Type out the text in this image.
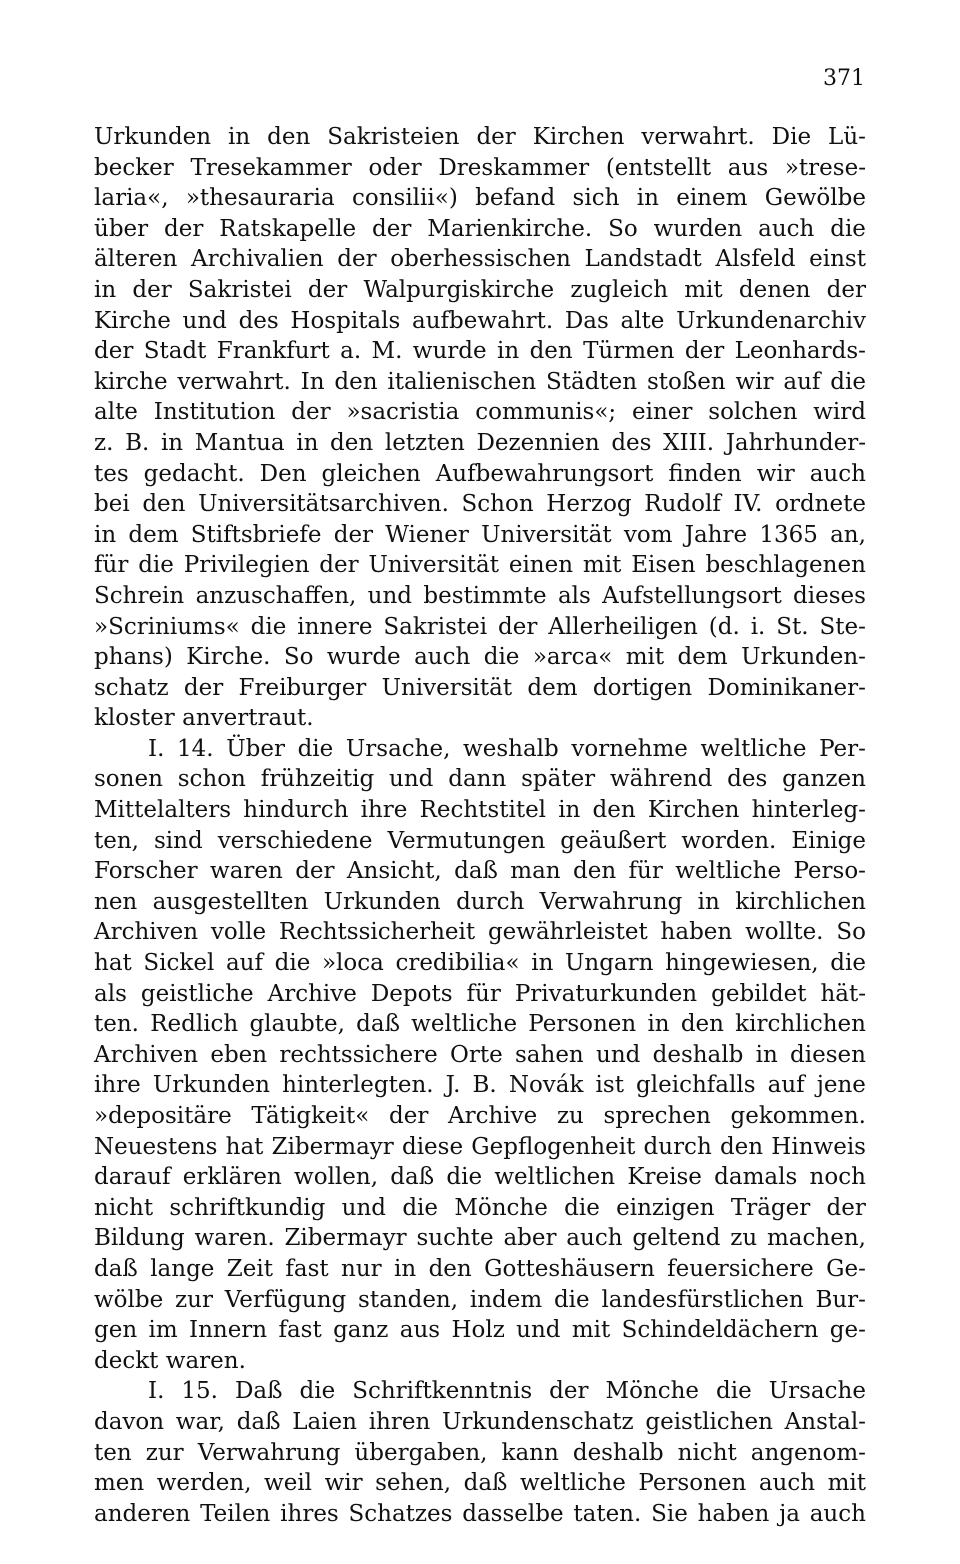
371
Urkunden in den Sakristeien der Kirchen verwahrt. Die Lü-
becker Tresekammer oder Dreskammer (entstellt aus »trese-
laria«, »thesauraria consilii«) befand sich in einem Gewölbe
über der Ratskapelle der Marienkirche. So wurden auch die
älteren Archivalien der oberhessischen Landstadt Alsfeld einst
in der Sakristei der Walpurgiskirche zugleich mit denen der
Kirche und des Hospitals aufbewahrt. Das alte Urkundenarchiv
der Stadt Frankfurt a. M. wurde in den Türmen der Leonhards-
kirche verwahrt. In den italienischen Städten stoßen wir auf die
alte Institution der »sacristia communis«; einer solchen wird
z. B. in Mantua in den letzten Dezennien des XIII. Jahrhunder-
tes gedacht. Den gleichen Aufbewahrungsort finden wir auch
bei den Universitätsarchiven. Schon Herzog Rudolf IV. ordnete
in dem Stiftsbriefe der Wiener Universität vom Jahre 1365 an,
für die Privilegien der Universität einen mit Eisen beschlagenen
Schrein anzuschaffen, und bestimmte als Aufstellungsort dieses
»Scriniums« die innere Sakristei der Allerheiligen (d. i. St. Ste-
phans) Kirche. So wurde auch die »arca« mit dem Urkunden-
schatz der Freiburger Universität dem dortigen Dominikaner-
kloster anvertraut.
I. 14. Über die Ursache, weshalb vornehme weltliche Per-
sonen schon frühzeitig und dann später während des ganzen
Mittelalters hindurch ihre Rechtstitel in den Kirchen hinterleg-
ten, sind verschiedene Vermutungen geäußert worden. Einige
Forscher waren der Ansicht, daß man den für weltliche Perso-
nen ausgestellten Urkunden durch Verwahrung in kirchlichen
Archiven volle Rechtssicherheit gewährleistet haben wollte. So
hat Sickel auf die »loca credibilia« in Ungarn hingewiesen, die
als geistliche Archive Depots für Privaturkunden gebildet hät-
ten. Redlich glaubte, daß weltliche Personen in den kirchlichen
Archiven eben rechtssichere Orte sahen und deshalb in diesen
ihre Urkunden hinterlegten. J. B. Novák ist gleichfalls auf jene
»depositäre Tätigkeit« der Archive zu sprechen gekommen.
Neuestens hat Zibermayr diese Gepflogenheit durch den Hinweis
darauf erklären wollen, daß die weltlichen Kreise damals noch
nicht schriftkundig und die Mönche die einzigen Träger der
Bildung waren. Zibermayr suchte aber auch geltend zu machen,
daß lange Zeit fast nur in den Gotteshäusern feuersichere Ge-
wölbe zur Verfügung standen, indem die landesfürstlichen Bur-
gen im Innern fast ganz aus Holz und mit Schindeldächern ge-
deckt waren.
I. 15. Daß die Schriftkenntnis der Mönche die Ursache
davon war, daß Laien ihren Urkundenschatz geistlichen Anstal-
ten zur Verwahrung übergaben, kann deshalb nicht angenom-
men werden, weil wir sehen, daß weltliche Personen auch mit
anderen Teilen ihres Schatzes dasselbe taten. Sie haben ja auch
